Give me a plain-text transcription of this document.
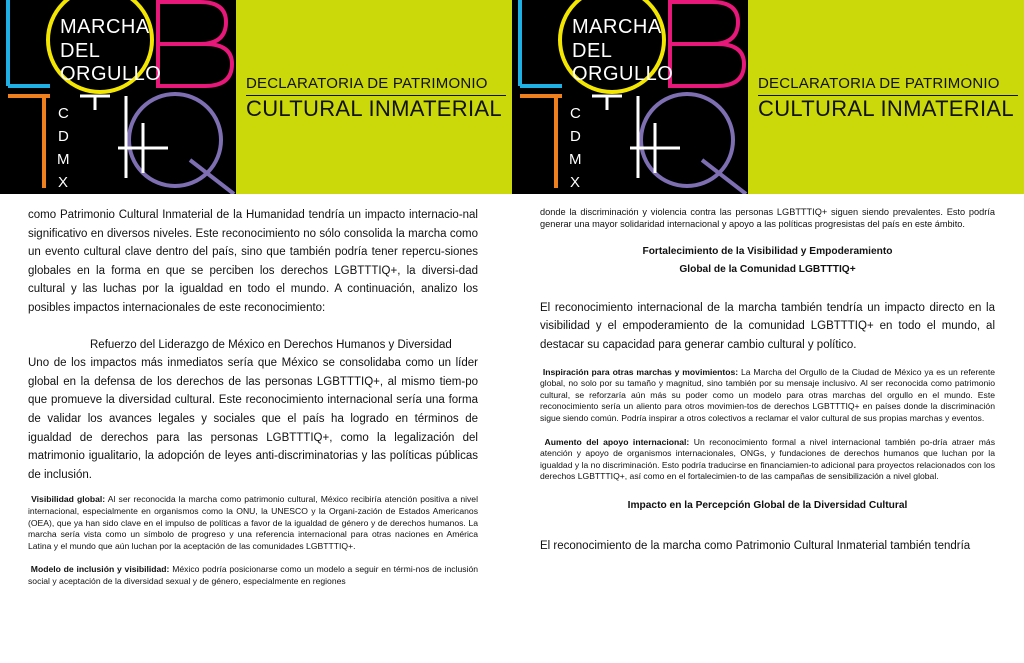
MARCHA
DEL
ORGULLO
C
D
M
X
DECLARATORIA DE PATRIMONIO
CULTURAL INMATERIAL

como Patrimonio Cultural Inmaterial de la Humanidad tendría un impacto internacio-nal significativo en diversos niveles. Este reconocimiento no sólo consolida la marcha como un evento cultural clave dentro del país, sino que también podría tener repercu-siones globales en la forma en que se perciben los derechos LGBTTTIQ+, la diversi-dad cultural y las luchas por la igualdad en todo el mundo. A continuación, analizo los posibles impactos internacionales de este reconocimiento:

Refuerzo del Liderazgo de México en Derechos Humanos y Diversidad

Uno de los impactos más inmediatos sería que México se consolidaba como un líder global en la defensa de los derechos de las personas LGBTTTIQ+, al mismo tiem-po que promueve la diversidad cultural. Este reconocimiento internacional sería una forma de validar los avances legales y sociales que el país ha logrado en términos de igualdad de derechos para las personas LGBTTTIQ+, como la legalización del matrimonio igualitario, la adopción de leyes anti-discriminatorias y las políticas públicas de inclusión.

Visibilidad global: Al ser reconocida la marcha como patrimonio cultural, México recibiría atención positiva a nivel internacional, especialmente en organismos como la ONU, la UNESCO y la Organi-zación de Estados Americanos (OEA), que ya han sido clave en el impulso de políticas a favor de la igualdad de género y de derechos humanos. La marcha sería vista como un símbolo de progreso y una referencia internacional para otras naciones en América Latina y el mundo que aún luchan por la aceptación de las comunidades LGBTTTIQ+.

Modelo de inclusión y visibilidad: México podría posicionarse como un modelo a seguir en térmi-nos de inclusión social y aceptación de la diversidad sexual y de género, especialmente en regiones

MARCHA
DEL
ORGULLO
C
D
M
X
DECLARATORIA DE PATRIMONIO
CULTURAL INMATERIAL

donde la discriminación y violencia contra las personas LGBTTTIQ+ siguen siendo prevalentes. Esto podría generar una mayor solidaridad internacional y apoyo a las políticas progresistas del país en este ámbito.

Fortalecimiento de la Visibilidad y Empoderamiento

Global de la Comunidad LGBTTTIQ+

El reconocimiento internacional de la marcha también tendría un impacto directo en la visibilidad y el empoderamiento de la comunidad LGBTTTIQ+ en todo el mundo, al destacar su capacidad para generar cambio cultural y político.

Inspiración para otras marchas y movimientos: La Marcha del Orgullo de la Ciudad de México ya es un referente global, no solo por su tamaño y magnitud, sino también por su mensaje inclusivo. Al ser reconocida como patrimonio cultural, se reforzaría aún más su poder como un modelo para otras marchas del orgullo en el mundo. Este reconocimiento sería un aliento para otros movimien-tos de derechos LGBTTTIQ+ en países donde la discriminación sigue siendo común. Podría inspirar a otros colectivos a reclamar el valor cultural de sus propias marchas y eventos.

Aumento del apoyo internacional: Un reconocimiento formal a nivel internacional también po-dría atraer más atención y apoyo de organismos internacionales, ONGs, y fundaciones de derechos humanos que luchan por la igualdad y la no discriminación. Esto podría traducirse en financiamien-to adicional para proyectos relacionados con los derechos LGBTTTIQ+, así como en el fortalecimien-to de las campañas de sensibilización a nivel global.

Impacto en la Percepción Global de la Diversidad Cultural

El reconocimiento de la marcha como Patrimonio Cultural Inmaterial también tendría
